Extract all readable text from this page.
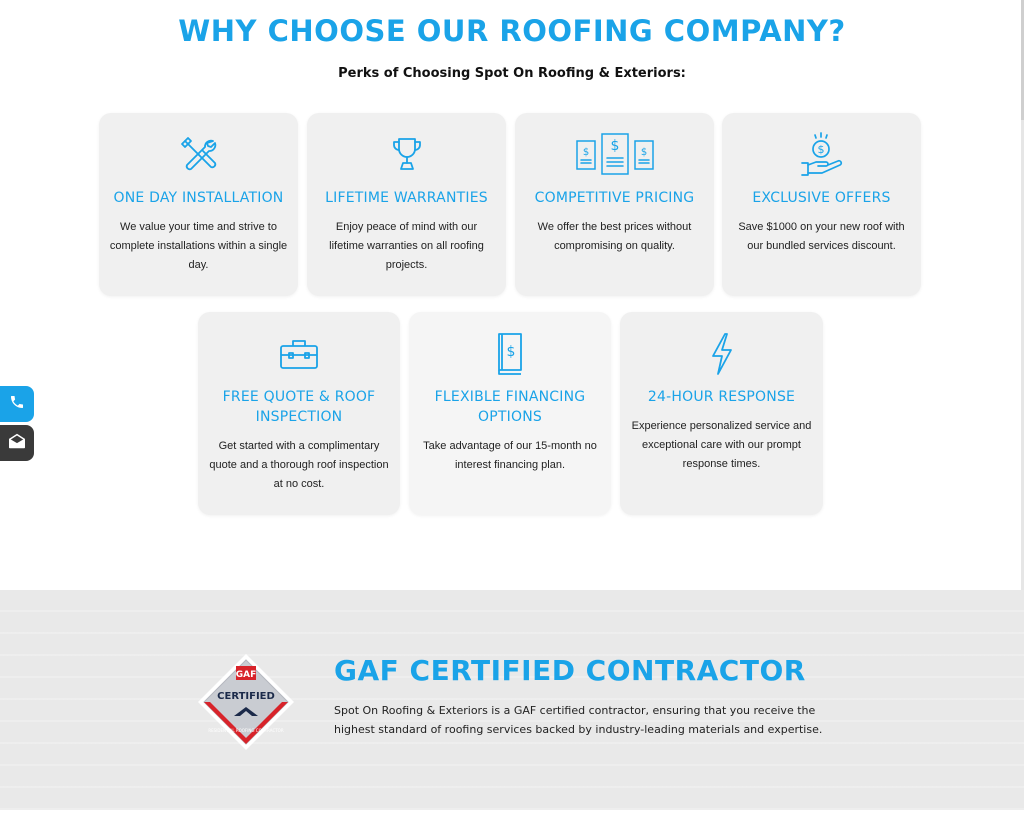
WHY CHOOSE OUR ROOFING COMPANY?

Perks of Choosing Spot On Roofing & Exteriors:

ONE DAY INSTALLATION
We value your time and strive to complete installations within a single day.
LIFETIME WARRANTIES
Enjoy peace of mind with our lifetime warranties on all roofing projects.
$ $ $
COMPETITIVE PRICING
We offer the best prices without compromising on quality.
$
EXCLUSIVE OFFERS
Save $1000 on your new roof with our bundled services discount.
FREE QUOTE & ROOF INSPECTION
Get started with a complimentary quote and a thorough roof inspection at no cost.
$
FLEXIBLE FINANCING OPTIONS
Take advantage of our 15-month no interest financing plan.
24-HOUR RESPONSE
Experience personalized service and exceptional care with our prompt response times.
GAF
CERTIFIED
RESIDENTIAL ROOFING CONTRACTOR
GAF CERTIFIED CONTRACTOR

Spot On Roofing & Exteriors is a GAF certified contractor, ensuring that you receive the highest standard of roofing services backed by industry-leading materials and expertise.
